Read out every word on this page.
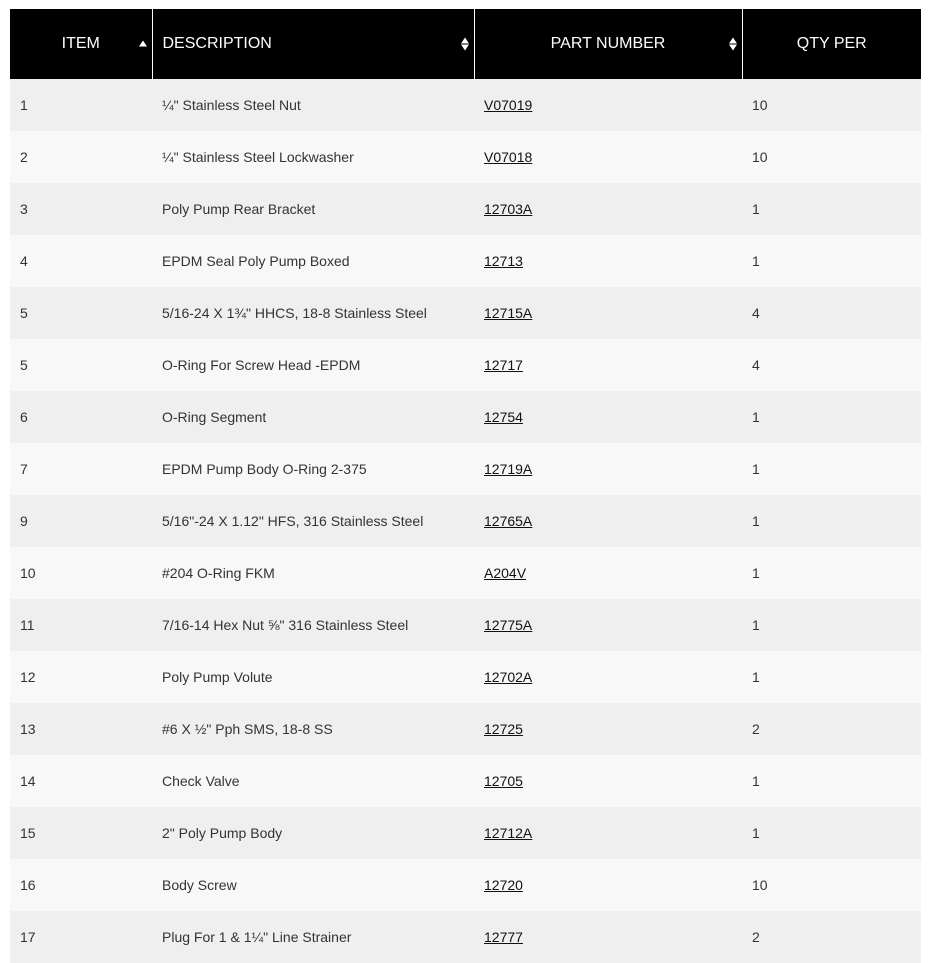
ITEM	DESCRIPTION	PART NUMBER	QTY PER
1	¼" Stainless Steel Nut	V07019	10
2	¼" Stainless Steel Lockwasher	V07018	10
3	Poly Pump Rear Bracket	12703A	1
4	EPDM Seal Poly Pump Boxed	12713	1
5	5/16-24 X 1¾" HHCS, 18-8 Stainless Steel	12715A	4
5	O-Ring For Screw Head -EPDM	12717	4
6	O-Ring Segment	12754	1
7	EPDM Pump Body O-Ring 2-375	12719A	1
9	5/16"-24 X 1.12" HFS, 316 Stainless Steel	12765A	1
10	#204 O-Ring FKM	A204V	1
11	7/16-14 Hex Nut ⅝" 316 Stainless Steel	12775A	1
12	Poly Pump Volute	12702A	1
13	#6 X ½" Pph SMS, 18-8 SS	12725	2
14	Check Valve	12705	1
15	2" Poly Pump Body	12712A	1
16	Body Screw	12720	10
17	Plug For 1 & 1¼" Line Strainer	12777	2
